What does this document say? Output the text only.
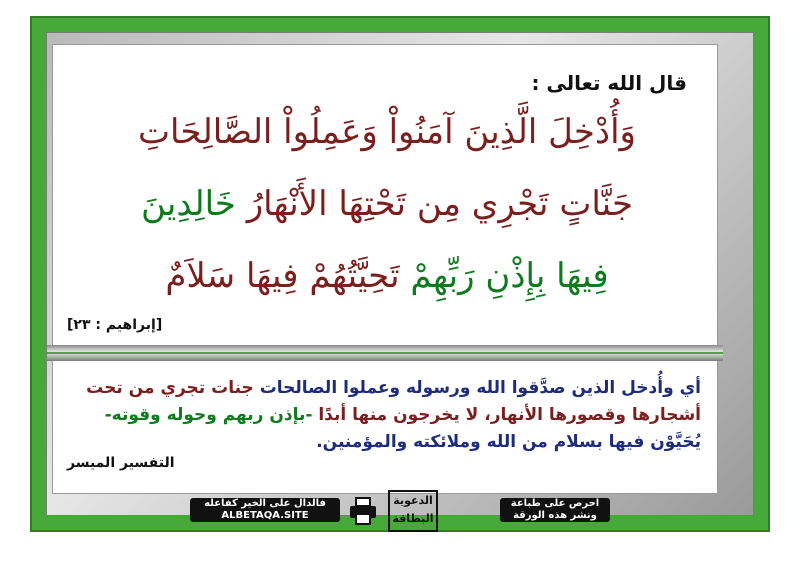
قال الله تعالى :
وَأُدْخِلَ الَّذِينَ آمَنُواْ وَعَمِلُواْ الصَّالِحَاتِ
جَنَّاتٍ تَجْرِي مِن تَحْتِهَا الأَنْهَارُ خَالِدِينَ
فِيهَا بِإِذْنِ رَبِّهِمْ تَحِيَّتُهُمْ فِيهَا سَلاَمٌ
[إبراهيم : ٢٣]
أي وأُدخل الذين صدَّقوا الله ورسوله وعملوا الصالحات جنات تجري من تحت أشجارها وقصورها الأنهار، لا يخرجون منها أبدًا -بإذن ربهم وحوله وقوته- يُحَيَّوْن فيها بسلام من الله وملائكته والمؤمنين.
التفسير الميسر
فالدال على الخير كفاعله
ALBETAQA.SITE
الدعوية البطاقة
احرص على طباعة
ونشر هذه الورقة
